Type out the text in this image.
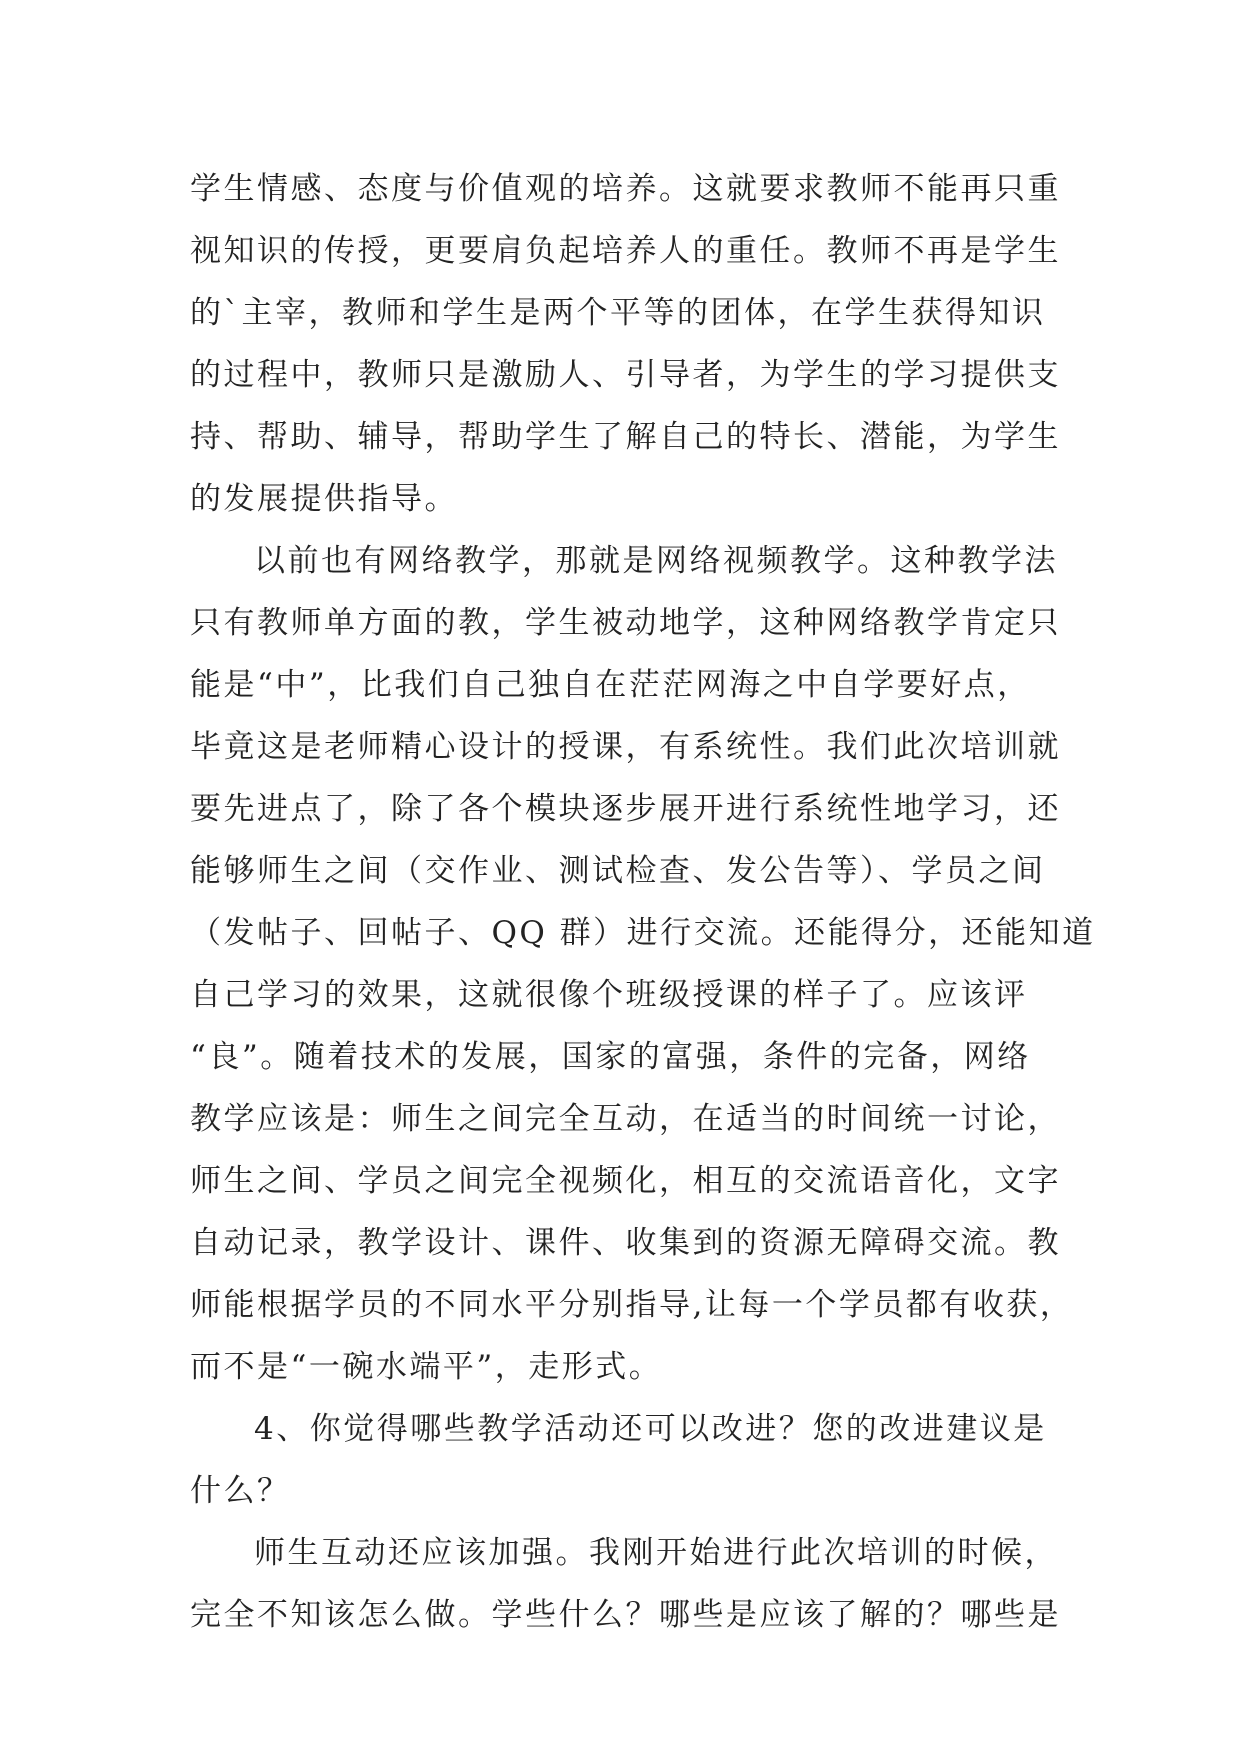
学生情感、态度与价值观的培养。这就要求教师不能再只重
视知识的传授，更要肩负起培养人的重任。教师不再是学生
的`主宰，教师和学生是两个平等的团体，在学生获得知识
的过程中，教师只是激励人、引导者，为学生的学习提供支
持、帮助、辅导，帮助学生了解自己的特长、潜能，为学生
的发展提供指导。
以前也有网络教学，那就是网络视频教学。这种教学法
只有教师单方面的教，学生被动地学，这种网络教学肯定只
能是“中”，比我们自己独自在茫茫网海之中自学要好点，
毕竟这是老师精心设计的授课，有系统性。我们此次培训就
要先进点了，除了各个模块逐步展开进行系统性地学习，还
能够师生之间（交作业、测试检查、发公告等）、学员之间
（发帖子、回帖子、QQ 群）进行交流。还能得分，还能知道
自己学习的效果，这就很像个班级授课的样子了。应该评
“良”。随着技术的发展，国家的富强，条件的完备，网络
教学应该是：师生之间完全互动，在适当的时间统一讨论，
师生之间、学员之间完全视频化，相互的交流语音化，文字
自动记录，教学设计、课件、收集到的资源无障碍交流。教
师能根据学员的不同水平分别指导,让每一个学员都有收获，
而不是“一碗水端平”，走形式。
4、你觉得哪些教学活动还可以改进？您的改进建议是
什么？
师生互动还应该加强。我刚开始进行此次培训的时候，
完全不知该怎么做。学些什么？哪些是应该了解的？哪些是
